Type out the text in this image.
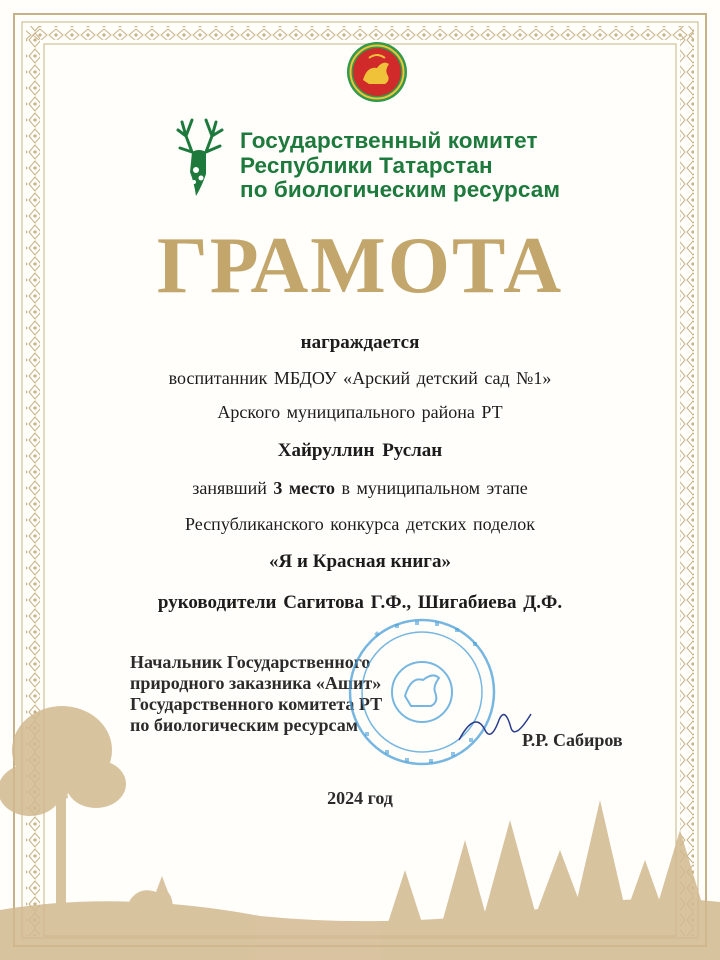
Государственный комитет
Республики Татарстан
по биологическим ресурсам

ГРАМОТА

награждается

воспитанник МБДОУ «Арский детский сад №1»

Арского муниципального района РТ

Хайруллин Руслан

занявший 3 место в муниципальном этапе

Республиканского конкурса детских поделок

«Я и Красная книга»

руководители Сагитова Г.Ф., Шигабиева Д.Ф.

Начальник Государственного
природного заказника «Ашит»
Государственного комитета РТ
по биологическим ресурсам

Р.Р. Сабиров

2024 год
